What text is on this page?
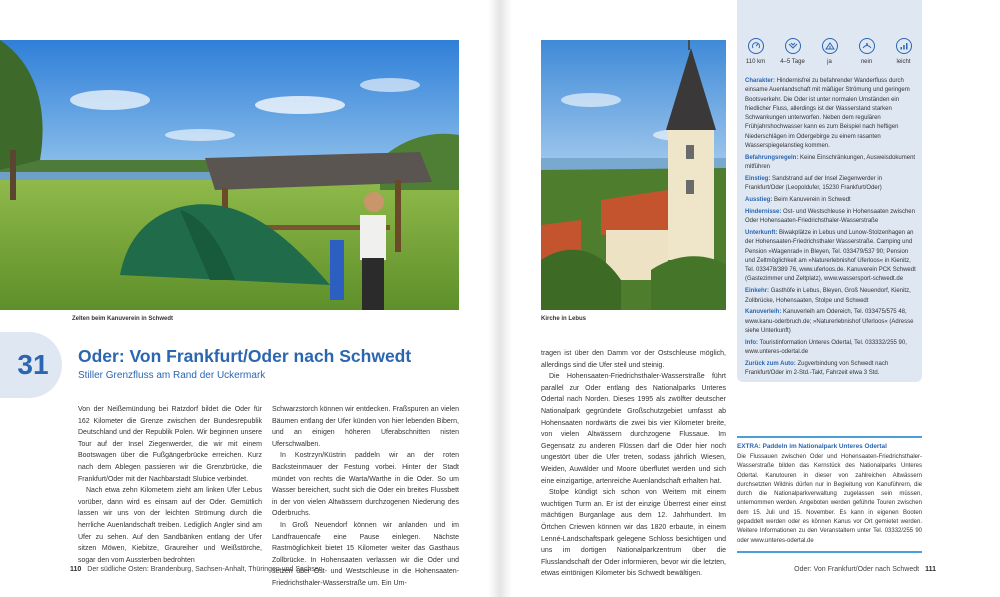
Zelten beim Kanuverein in Schwedt	Kirche in Lebus
31 Oder: Von Frankfurt/Oder nach Schwedt
Stiller Grenzfluss am Rand der Uckermark

Von der Neißemündung bei Ratzdorf bildet die Oder für 162 Kilometer die Grenze zwischen der Bundesrepublik Deutschland und der Republik Polen. Wir beginnen unsere Tour auf der Insel Ziegenwerder, die wir mit einem Bootswagen über die Fußgängerbrücke erreichen. Kurz nach dem Ablegen passieren wir die Grenzbrücke, die Frankfurt/Oder mit der Nachbarstadt Slubice verbindet.

Nach etwa zehn Kilometern zieht am linken Ufer Lebus vorüber, dann wird es einsam auf der Oder. Gemütlich lassen wir uns von der leichten Strömung durch die herrliche Auenlandschaft treiben. Lediglich Angler sind am Ufer zu sehen. Auf den Sandbänken entlang der Ufer sitzen Möwen, Kiebitze, Graureiher und Weißstörche, sogar den vom Aussterben bedrohten

Schwarzstorch können wir entdecken. Fraßspuren an vielen Bäumen entlang der Ufer künden von hier lebenden Bibern, und an einigen höheren Uferabschnitten nisten Uferschwalben.

In Kostrzyn/Küstrin paddeln wir an der roten Backsteinmauer der Festung vorbei. Hinter der Stadt mündet von rechts die Warta/Warthe in die Oder. So um Wasser bereichert, sucht sich die Oder ein breites Flussbett in der von vielen Altwässern durchzogenen Niederung des Oderbruchs.

In Groß Neuendorf können wir anlanden und im Landfrauencafe eine Pause einlegen. Nächste Rastmöglichkeit bietet 15 Kilometer weiter das Gasthaus Zollbrücke. In Hohensaaten verlassen wir die Oder und setzen über Ost- und Westschleuse in die Hohensaaten-Friedrichsthaler-Wasserstraße um. Ein Um-

tragen ist über den Damm vor der Ostschleuse möglich, allerdings sind die Ufer steil und steinig.

Die Hohensaaten-Friedrichsthaler-Wasserstraße führt parallel zur Oder entlang des Nationalparks Unteres Odertal nach Norden. Dieses 1995 als zwölfter deutscher Nationalpark gegründete Großschutzgebiet umfasst ab Hohensaaten nordwärts die zwei bis vier Kilometer breite, von vielen Altwässern durchzogene Flussaue. Im Gegensatz zu anderen Flüssen darf die Oder hier noch ungestört über die Ufer treten, sodass jährlich Wiesen, Weiden, Auwälder und Moore überflutet werden und sich eine einzigartige, artenreiche Auenlandschaft erhalten hat.

Stolpe kündigt sich schon von Weitem mit einem wuchtigen Turm an. Er ist der einzige Überrest einer einst mächtigen Burganlage aus dem 12. Jahrhundert. Im Örtchen Criewen können wir das 1820 erbaute, in einem Lenné-Landschaftspark gelegene Schloss besichtigen und uns im dortigen Nationalparkzentrum über die Flusslandschaft der Oder informieren, bevor wir die letzten, etwas eintönigen Kilometer bis Schwedt bewältigen.

110 km	4–5 Tage	ja	nein	leicht
Charakter: Hindernisfrei zu befahrender Wanderfluss durch einsame Auenlandschaft mit mäßiger Strömung und geringem Bootsverkehr. Die Oder ist unter normalen Umständen ein friedlicher Fluss, allerdings ist der Wasserstand starken Schwankungen unterworfen. Neben dem regulären Frühjahrshochwasser kann es zum Beispiel nach heftigen Niederschlägen im Odergebirge zu einem rasanten Wasserspiegelanstieg kommen.
Befahrungsregeln: Keine Einschränkungen, Ausweisdokument mitführen
Einstieg: Sandstrand auf der Insel Ziegenwerder in Frankfurt/Oder (Leopoldufer, 15230 Frankfurt/Oder)
Ausstieg: Beim Kanuverein in Schwedt
Hindernisse: Ost- und Westschleuse in Hohensaaten zwischen Oder Hohensaaten-Friedrichsthaler-Wasserstraße
Unterkunft: Biwakplätze in Lebus und Lunow-Stolzenhagen an der Hohensaaten-Friedrichsthaler Wasserstraße. Camping und Pension »Wagenrad« in Bleyen, Tel. 033479/537 90; Pension und Zeltmöglichkeit am »Naturerlebnishof Uferloos« in Kienitz, Tel. 033478/389 76, www.uferloos.de. Kanuverein PCK Schwedt (Gastezimmer und Zeltplatz), www.wassersport-schwedt.de
Einkehr: Gasthöfe in Lebus, Bleyen, Groß Neuendorf, Kienitz, Zollbrücke, Hohensaaten, Stolpe und Schwedt
Kanuverleih: Kanuverleih am Odereich, Tel. 033475/575 48, www.kanu-oderbruch.de; »Naturerlebnishof Uferloos« (Adresse siehe Unterkunft)
Info: Touristinformation Unteres Odertal, Tel. 033332/255 90, www.unteres-odertal.de
Zurück zum Auto: Zugverbindung von Schwedt nach Frankfurt/Oder im 2-Std.-Takt, Fahrzeit etwa 3 Std.
EXTRA: Paddeln im Nationalpark Unteres Odertal
Die Flussauen zwischen Oder und Hohensaaten-Friedrichsthaler-Wasserstraße bilden das Kernstück des Nationalparks Unteres Odertal. Kanutouren in dieser von zahlreichen Altwässern durchsetzten Wildnis dürfen nur in Begleitung von Kanuführern, die durch die Nationalparkverwaltung zugelassen sein müssen, unternommen werden. Angeboten werden geführte Touren zwischen dem 15. Juli und 15. November. Es kann in eigenen Booten gepaddelt werden oder es können Kanus vor Ort gemietet werden. Weitere Informationen zu den Veranstaltern unter Tel. 03332/255 90 oder www.unteres-odertal.de
110 Der südliche Osten: Brandenburg, Sachsen-Anhalt, Thüringen und Sachsen	Oder: Von Frankfurt/Oder nach Schwedt 111
